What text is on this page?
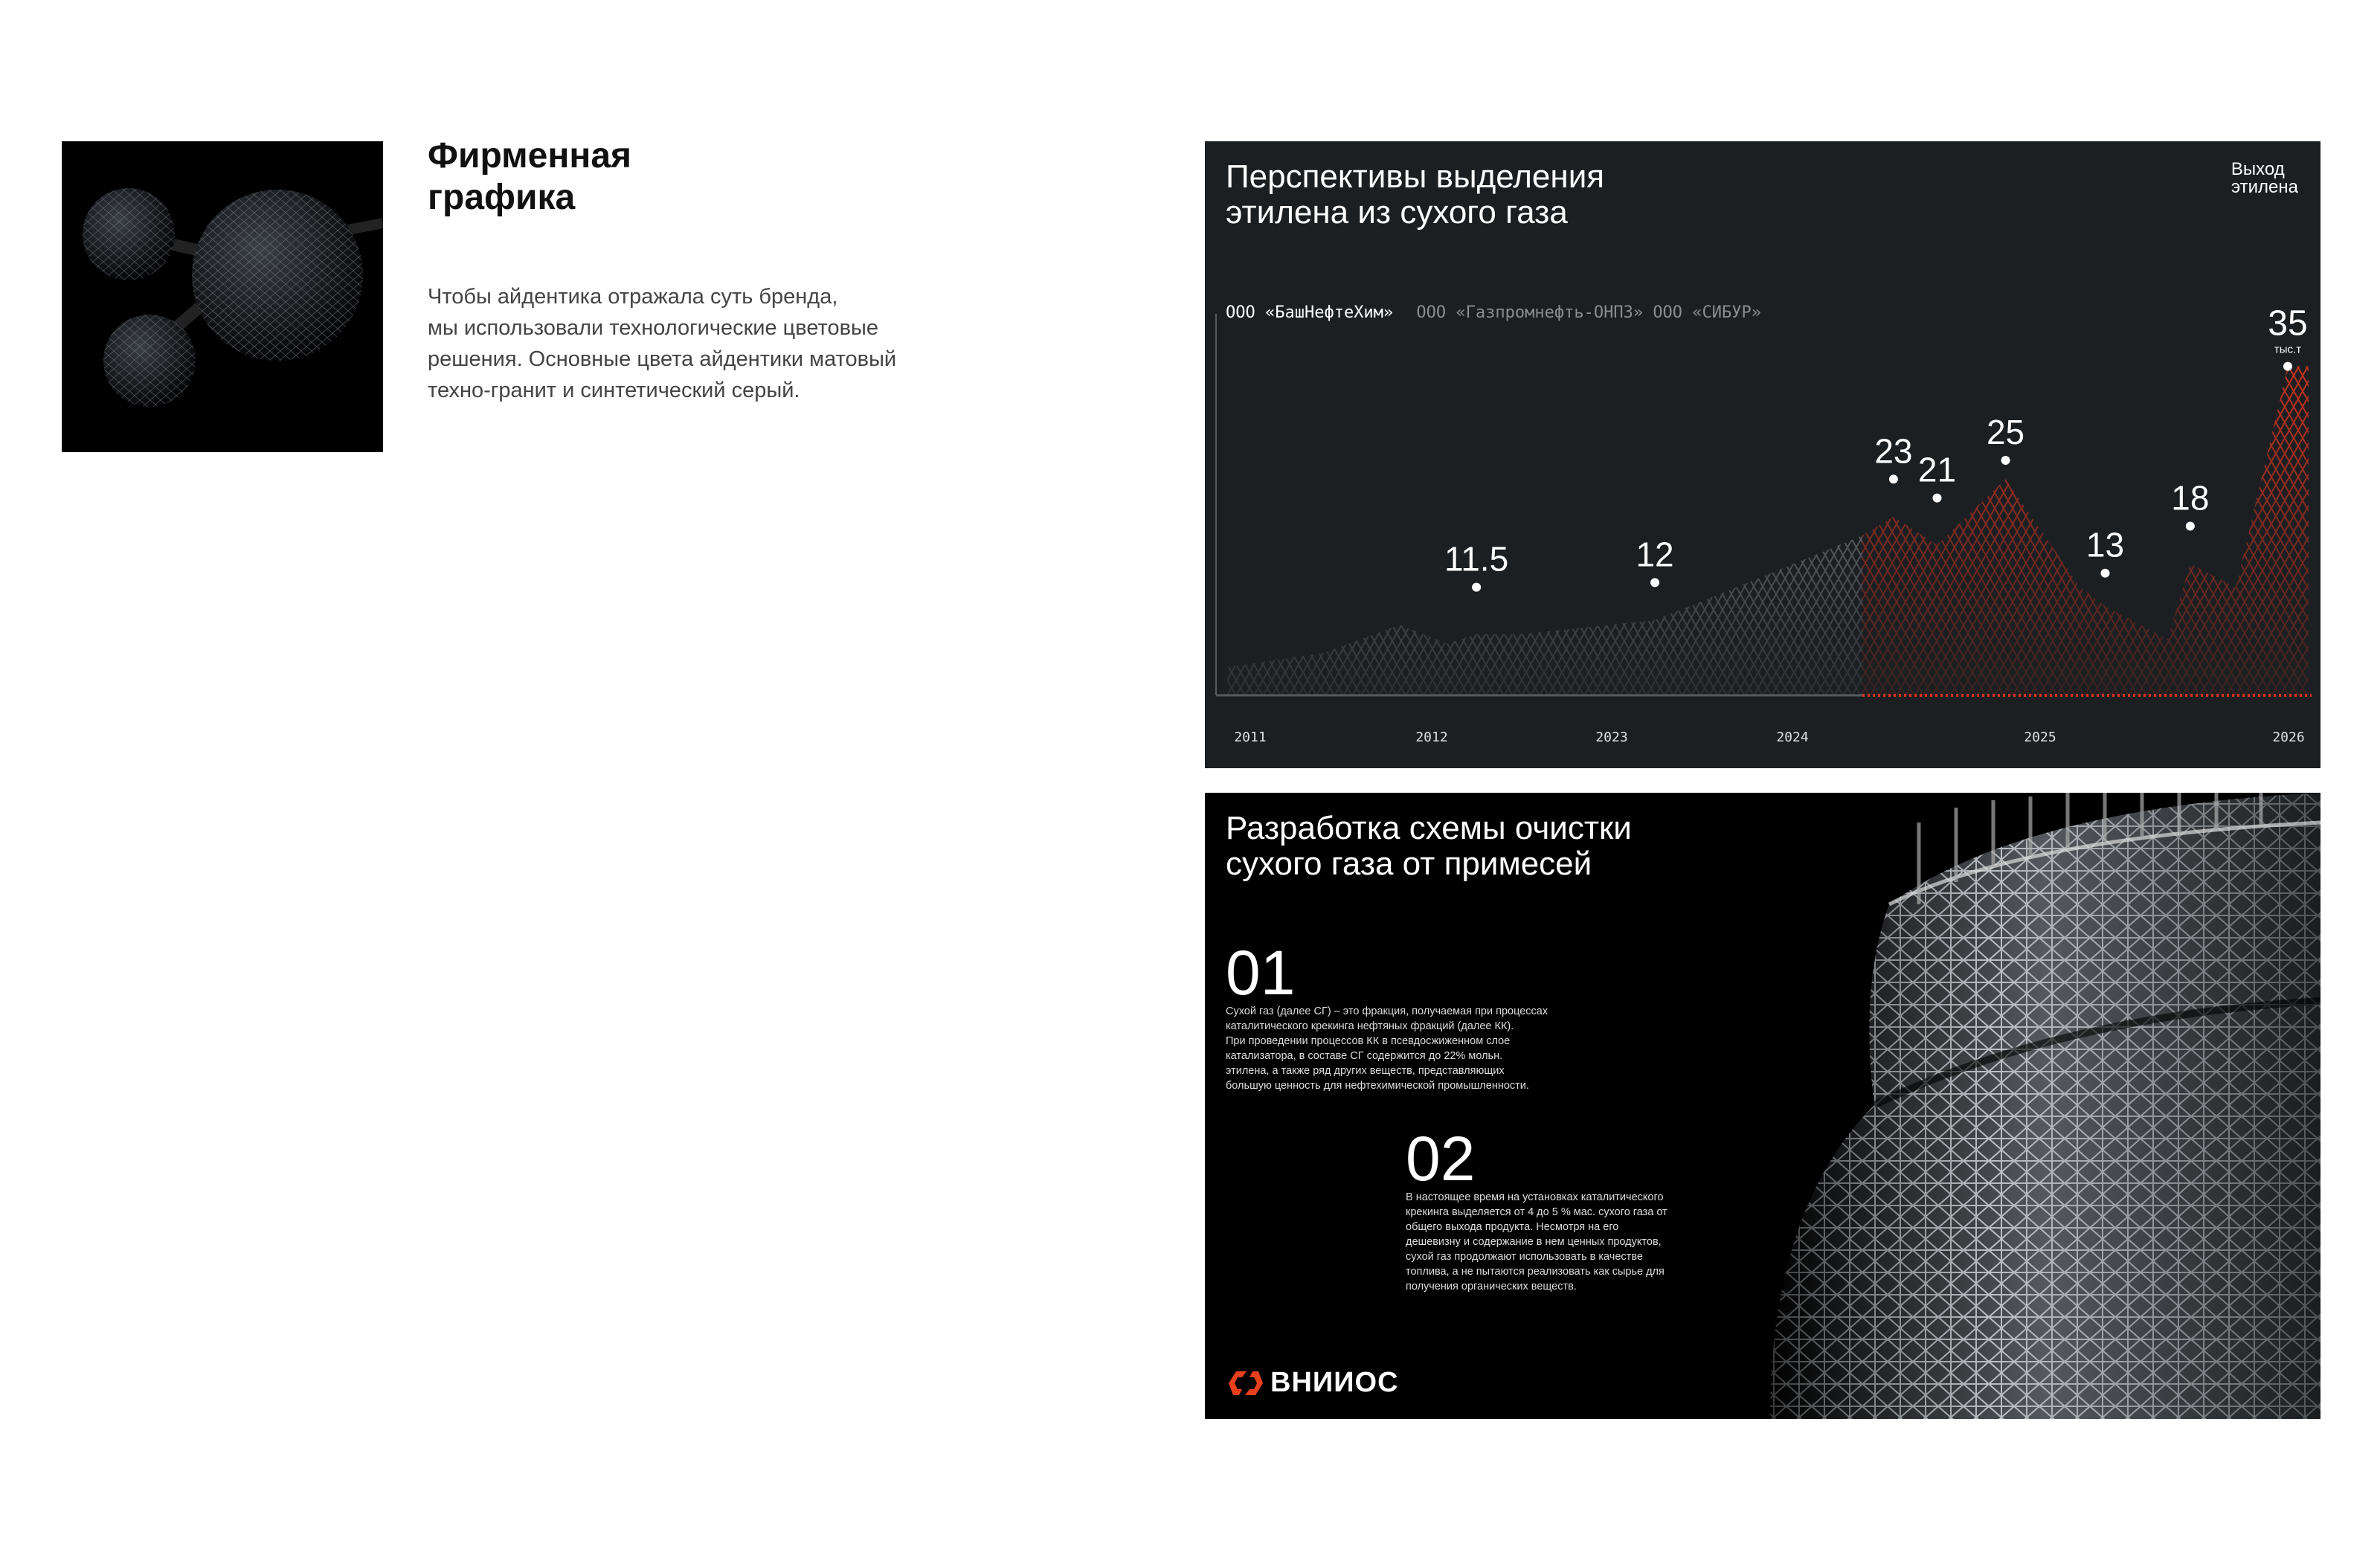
Фирменная
графика
Чтобы айдентика отражала суть бренда,
мы использовали технологические цветовые
решения. Основные цвета айдентики матовый
техно-гранит и синтетический серый.
2011	2012	2023	2024	2025	2026
11.5	12
23 21
25
13
18
35
тыс.т
Перспективы выделения
этилена из сухого газа
Выход
этилена
ООО «БашНефтеХим» ООО «Газпромнефть-ОНПЗ» ООО «СИБУР»
Разработка схемы очистки
сухого газа от примесей
01
Сухой газ (далее СГ) – это фракция, получаемая при процессах
каталитического крекинга нефтяных фракций (далее КК).
При проведении процессов КК в псевдосжиженном слое
катализатора, в составе СГ содержится до 22% мольн.
этилена, а также ряд других веществ, представляющих
большую ценность для нефтехимической промышленности.
02
В настоящее время на установках каталитического
крекинга выделяется от 4 до 5 % мас. сухого газа от
общего выхода продукта. Несмотря на его
дешевизну и содержание в нем ценных продуктов,
сухой газ продолжают использовать в качестве
топлива, а не пытаются реализовать как сырье для
получения органических веществ.
ВНИИОС
